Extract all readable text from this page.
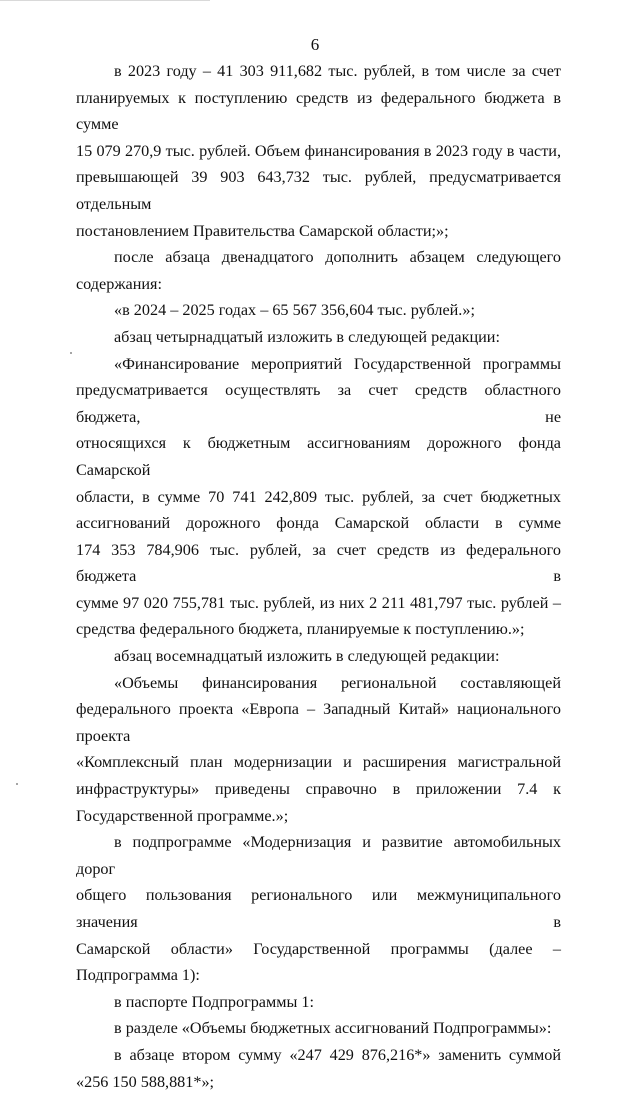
6
в 2023 году – 41 303 911,682 тыс. рублей, в том числе за счет
планируемых к поступлению средств из федерального бюджета в сумме
15 079 270,9 тыс. рублей. Объем финансирования в 2023 году в части,
превышающей 39 903 643,732 тыс. рублей, предусматривается отдельным
постановлением Правительства Самарской области;»;
после абзаца двенадцатого дополнить абзацем следующего
содержания:
«в 2024 – 2025 годах – 65 567 356,604 тыс. рублей.»;
абзац четырнадцатый изложить в следующей редакции:
«Финансирование мероприятий Государственной программы
предусматривается осуществлять за счет средств областного бюджета, не
относящихся к бюджетным ассигнованиям дорожного фонда Самарской
области, в сумме 70 741 242,809 тыс. рублей, за счет бюджетных
ассигнований дорожного фонда Самарской области в сумме
174 353 784,906 тыс. рублей, за счет средств из федерального бюджета в
сумме 97 020 755,781 тыс. рублей, из них 2 211 481,797 тыс. рублей –
средства федерального бюджета, планируемые к поступлению.»;
абзац восемнадцатый изложить в следующей редакции:
«Объемы финансирования региональной составляющей
федерального проекта «Европа – Западный Китай» национального проекта
«Комплексный план модернизации и расширения магистральной
инфраструктуры» приведены справочно в приложении 7.4 к
Государственной программе.»;
в подпрограмме «Модернизация и развитие автомобильных дорог
общего пользования регионального или межмуниципального значения в
Самарской области» Государственной программы (далее – Подпрограмма 1):
в паспорте Подпрограммы 1:
в разделе «Объемы бюджетных ассигнований Подпрограммы»:
в абзаце втором сумму «247 429 876,216*» заменить суммой
«256 150 588,881*»;
